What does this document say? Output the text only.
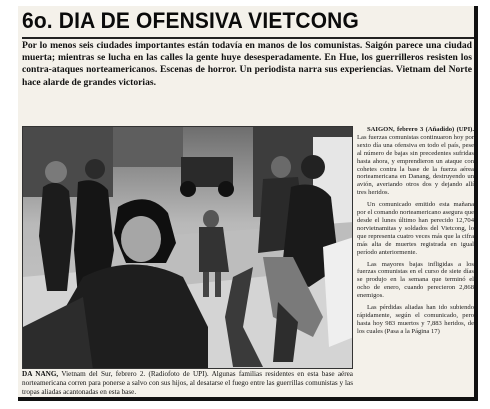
6o. DIA DE OFENSIVA VIETCONG
Por lo menos seis ciudades importantes están todavía en manos de los comunistas. Saigón parece una ciudad muerta; mientras se lucha en las calles la gente huye desesperadamente. En Hue, los guerrilleros resisten los contra-ataques norteamericanos. Escenas de horror. Un periodista narra sus experiencias. Vietnam del Norte hace alarde de grandes victorias.
DA NANG, Vietnam del Sur, febrero 2. (Radiofoto de UPI). Algunas familias residentes en esta base aérea norteamericana corren para ponerse a salvo con sus hijos, al desatarse el fuego entre las guerrillas comunistas y las tropas aliadas acantonadas en esta base.

SAIGON, febrero 3 (Añadido) (UPI). Las fuerzas comunistas continuaron hoy por sexto día una ofensiva en todo el país, pese al número de bajas sin precedentes sufridas hasta ahora, y emprendieron un ataque con cohetes contra la base de la fuerza aérea norteamericana en Danang, destruyendo un avión, averiando otros dos y dejando allí tres heridos.

Un comunicado emitido esta mañana por el comando norteamericano asegura que desde el lunes último han perecido 12,704 norvietnamitas y soldados del Vietcong, lo que representa cuatro veces más que la cifra más alta de muertes registrada en igual período anteriormente.

Las mayores bajas infligidas a los fuerzas comunistas en el curso de siete días se produjo en la semana que terminó el ocho de enero, cuando perecieron 2,868 enemigos.

Las pérdidas aliadas han ido subiendo rápidamente, según el comunicado, pero hasta hoy 983 muertos y 7,883 heridos, de los cuales (Pasa a la Página 17)
